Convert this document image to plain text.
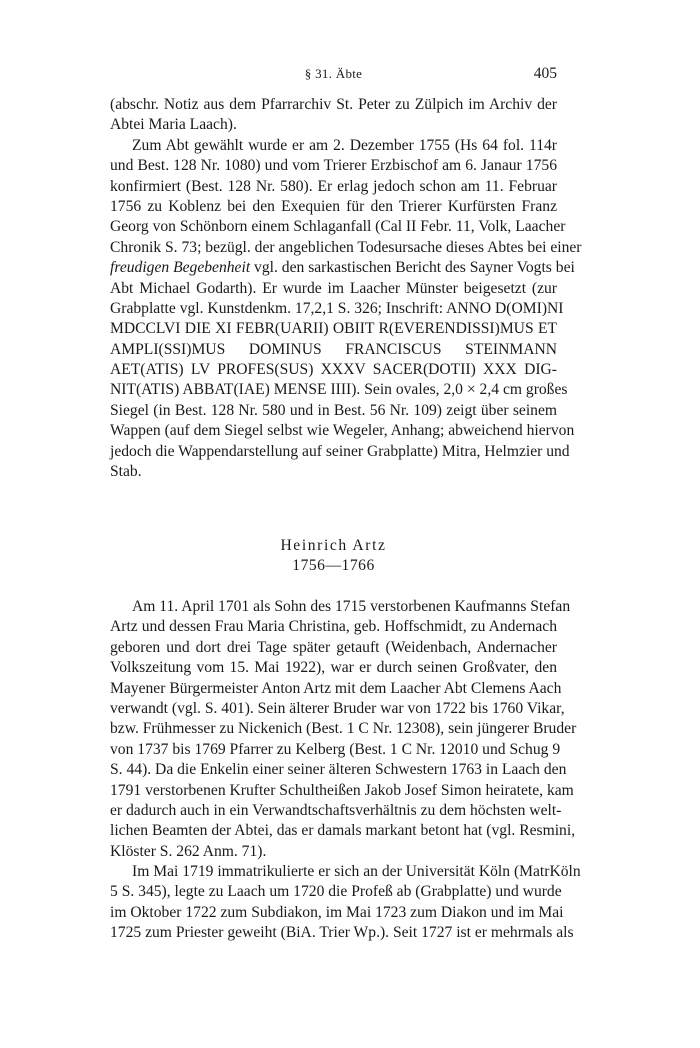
§ 31. Äbte	405
(abschr. Notiz aus dem Pfarrarchiv St. Peter zu Zülpich im Archiv der
Abtei Maria Laach).
Zum Abt gewählt wurde er am 2. Dezember 1755 (Hs 64 fol. 114r
und Best. 128 Nr. 1080) und vom Trierer Erzbischof am 6. Janaur 1756
konfirmiert (Best. 128 Nr. 580). Er erlag jedoch schon am 11. Februar
1756 zu Koblenz bei den Exequien für den Trierer Kurfürsten Franz
Georg von Schönborn einem Schlaganfall (Cal II Febr. 11, Volk, Laacher
Chronik S. 73; bezügl. der angeblichen Todesursache dieses Abtes bei einer
freudigen Begebenheit vgl. den sarkastischen Bericht des Sayner Vogts bei
Abt Michael Godarth). Er wurde im Laacher Münster beigesetzt (zur
Grabplatte vgl. Kunstdenkm. 17,2,1 S. 326; Inschrift: ANNO D(OMI)NI
MDCCLVI DIE XI FEBR(UARII) OBIIT R(EVERENDISSI)MUS ET
AMPLI(SSI)MUS DOMINUS FRANCISCUS STEINMANN
AET(ATIS) LV PROFES(SUS) XXXV SACER(DOTII) XXX DIG-
NIT(ATIS) ABBAT(IAE) MENSE IIII). Sein ovales, 2,0 × 2,4 cm großes
Siegel (in Best. 128 Nr. 580 und in Best. 56 Nr. 109) zeigt über seinem
Wappen (auf dem Siegel selbst wie Wegeler, Anhang; abweichend hiervon
jedoch die Wappendarstellung auf seiner Grabplatte) Mitra, Helmzier und
Stab.
Heinrich Artz
1756—1766
Am 11. April 1701 als Sohn des 1715 verstorbenen Kaufmanns Stefan
Artz und dessen Frau Maria Christina, geb. Hoffschmidt, zu Andernach
geboren und dort drei Tage später getauft (Weidenbach, Andernacher
Volkszeitung vom 15. Mai 1922), war er durch seinen Großvater, den
Mayener Bürgermeister Anton Artz mit dem Laacher Abt Clemens Aach
verwandt (vgl. S. 401). Sein älterer Bruder war von 1722 bis 1760 Vikar,
bzw. Frühmesser zu Nickenich (Best. 1 C Nr. 12308), sein jüngerer Bruder
von 1737 bis 1769 Pfarrer zu Kelberg (Best. 1 C Nr. 12010 und Schug 9
S. 44). Da die Enkelin einer seiner älteren Schwestern 1763 in Laach den
1791 verstorbenen Krufter Schultheißen Jakob Josef Simon heiratete, kam
er dadurch auch in ein Verwandtschaftsverhältnis zu dem höchsten welt-
lichen Beamten der Abtei, das er damals markant betont hat (vgl. Resmini,
Klöster S. 262 Anm. 71).
Im Mai 1719 immatrikulierte er sich an der Universität Köln (MatrKöln
5 S. 345), legte zu Laach um 1720 die Profeß ab (Grabplatte) und wurde
im Oktober 1722 zum Subdiakon, im Mai 1723 zum Diakon und im Mai
1725 zum Priester geweiht (BiA. Trier Wp.). Seit 1727 ist er mehrmals als
